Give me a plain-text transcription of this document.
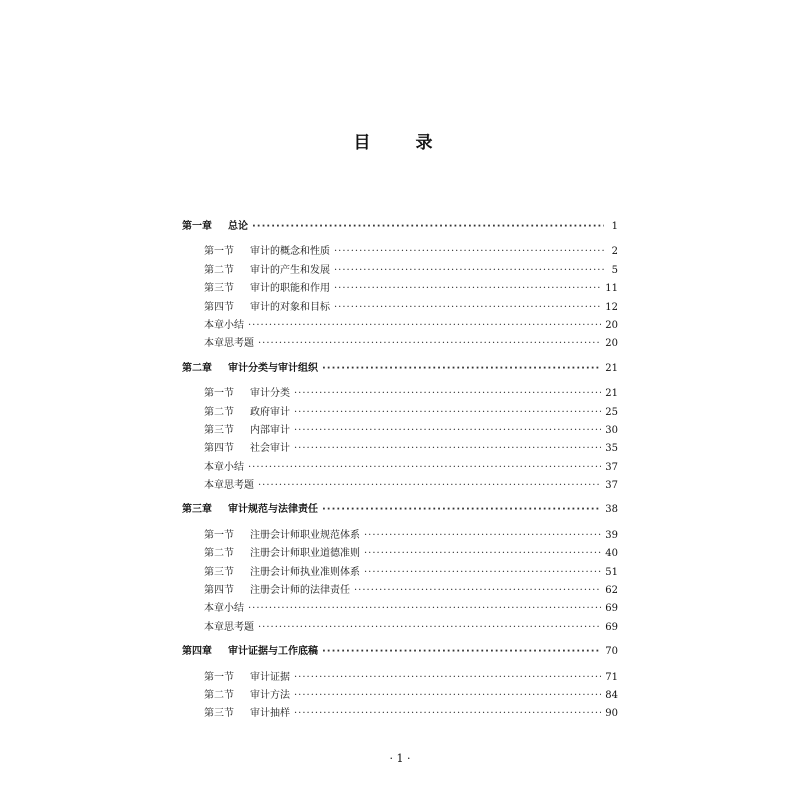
目　录
第一章	总论 ·····	1
第一节	审计的概念和性质 ·····	2
第二节	审计的产生和发展 ·····	5
第三节	审计的职能和作用 ·····	11
第四节	审计的对象和目标 ·····	12
本章小结 ·····	20
本章思考题 ·····	20
第二章	审计分类与审计组织 ·····	21
第一节	审计分类 ·····	21
第二节	政府审计 ·····	25
第三节	内部审计 ·····	30
第四节	社会审计 ·····	35
本章小结 ·····	37
本章思考题 ·····	37
第三章	审计规范与法律责任 ·····	38
第一节	注册会计师职业规范体系 ·····	39
第二节	注册会计师职业道德准则 ·····	40
第三节	注册会计师执业准则体系 ·····	51
第四节	注册会计师的法律责任 ·····	62
本章小结 ·····	69
本章思考题 ·····	69
第四章	审计证据与工作底稿 ·····	70
第一节	审计证据 ·····	71
第二节	审计方法 ·····	84
第三节	审计抽样 ·····	90
· 1 ·
